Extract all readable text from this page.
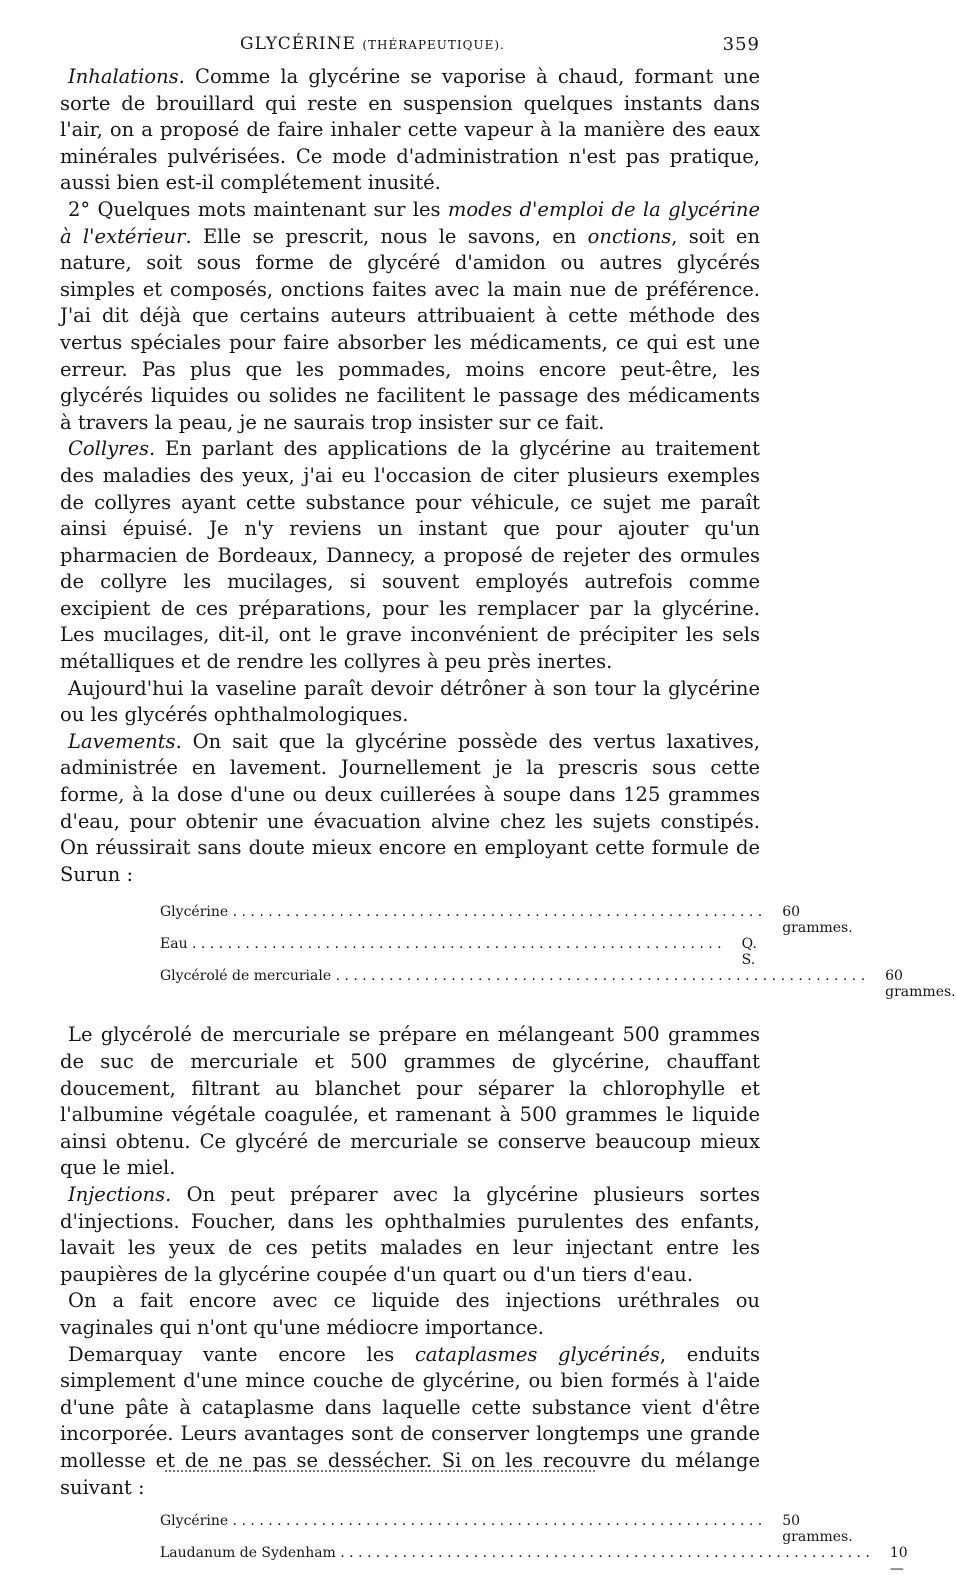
GLYCÉRINE (THÉRAPEUTIQUE).	359

Inhalations. Comme la glycérine se vaporise à chaud, formant une sorte de brouillard qui reste en suspension quelques instants dans l'air, on a proposé de faire inhaler cette vapeur à la manière des eaux minérales pulvérisées. Ce mode d'administration n'est pas pratique, aussi bien est-il complétement inusité.

2° Quelques mots maintenant sur les modes d'emploi de la glycérine à l'extérieur. Elle se prescrit, nous le savons, en onctions, soit en nature, soit sous forme de glycéré d'amidon ou autres glycérés simples et composés, onctions faites avec la main nue de préférence. J'ai dit déjà que certains auteurs attribuaient à cette méthode des vertus spéciales pour faire absorber les médicaments, ce qui est une erreur. Pas plus que les pommades, moins encore peut-être, les glycérés liquides ou solides ne facilitent le passage des médicaments à travers la peau, je ne saurais trop insister sur ce fait.

Collyres. En parlant des applications de la glycérine au traitement des maladies des yeux, j'ai eu l'occasion de citer plusieurs exemples de collyres ayant cette substance pour véhicule, ce sujet me paraît ainsi épuisé. Je n'y reviens un instant que pour ajouter qu'un pharmacien de Bordeaux, Dannecy, a proposé de rejeter des ormules de collyre les mucilages, si souvent employés autrefois comme excipient de ces préparations, pour les remplacer par la glycérine. Les mucilages, dit-il, ont le grave inconvénient de précipiter les sels métalliques et de rendre les collyres à peu près inertes.

Aujourd'hui la vaseline paraît devoir détrôner à son tour la glycérine ou les glycérés ophthalmologiques.

Lavements. On sait que la glycérine possède des vertus laxatives, administrée en lavement. Journellement je la prescris sous cette forme, à la dose d'une ou deux cuillerées à soupe dans 125 grammes d'eau, pour obtenir une évacuation alvine chez les sujets constipés. On réussirait sans doute mieux encore en employant cette formule de Surun :

Glycérine . . . . . . . . . . . . . . . . . . . . . . . . . . . . . . . . . . . . . . . . . . . . . . . . . . . . . . . . . . . .	60 grammes.
Eau . . . . . . . . . . . . . . . . . . . . . . . . . . . . . . . . . . . . . . . . . . . . . . . . . . . . . . . . . . . .	Q. S.
Glycérolé de mercuriale . . . . . . . . . . . . . . . . . . . . . . . . . . . . . . . . . . . . . . . . . . . . . . . . . . . . . . . . . . . .	60 grammes.

Le glycérolé de mercuriale se prépare en mélangeant 500 grammes de suc de mercuriale et 500 grammes de glycérine, chauffant doucement, filtrant au blanchet pour séparer la chlorophylle et l'albumine végétale coagulée, et ramenant à 500 grammes le liquide ainsi obtenu. Ce glycéré de mercuriale se conserve beaucoup mieux que le miel.

Injections. On peut préparer avec la glycérine plusieurs sortes d'injections. Foucher, dans les ophthalmies purulentes des enfants, lavait les yeux de ces petits malades en leur injectant entre les paupières de la glycérine coupée d'un quart ou d'un tiers d'eau.

On a fait encore avec ce liquide des injections uréthrales ou vaginales qui n'ont qu'une médiocre importance.

Demarquay vante encore les cataplasmes glycérinés, enduits simplement d'une mince couche de glycérine, ou bien formés à l'aide d'une pâte à cataplasme dans laquelle cette substance vient d'être incorporée. Leurs avantages sont de conserver longtemps une grande mollesse et de ne pas se dessécher. Si on les recouvre du mélange suivant :

Glycérine . . . . . . . . . . . . . . . . . . . . . . . . . . . . . . . . . . . . . . . . . . . . . . . . . . . . . . . . . . . .	50 grammes.
Laudanum de Sydenham . . . . . . . . . . . . . . . . . . . . . . . . . . . . . . . . . . . . . . . . . . . . . . . . . . . . . . . . . . . .	10 —
